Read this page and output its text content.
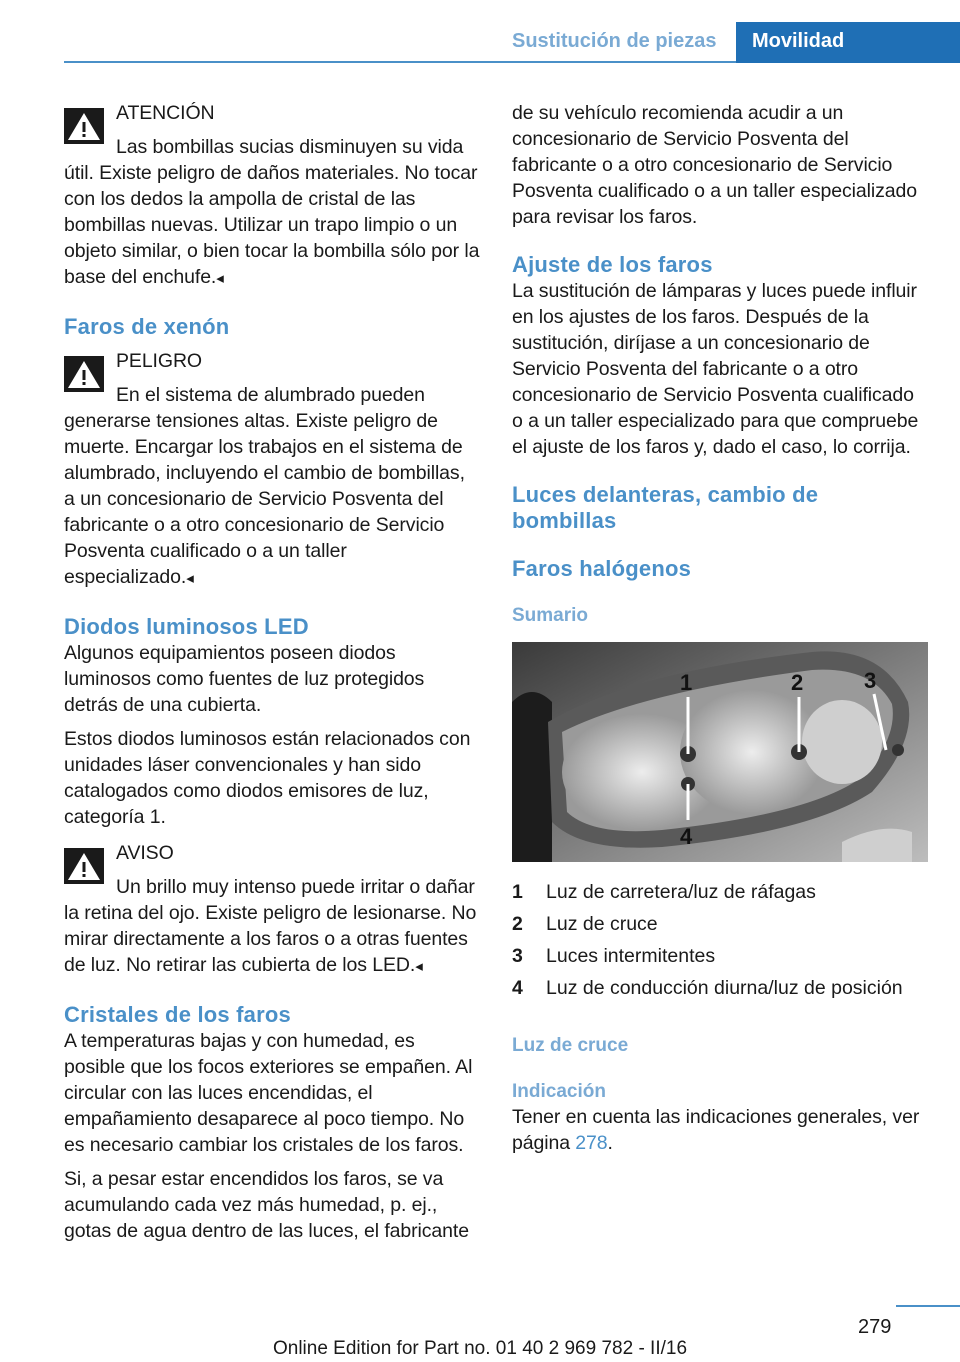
Sustitución de piezas	Movilidad

ATENCIÓN

Las bombillas sucias disminuyen su vida útil. Existe peligro de daños materiales. No tocar con los dedos la ampolla de cristal de las bombillas nuevas. Utilizar un trapo limpio o un objeto similar, o bien tocar la bombilla sólo por la base del enchufe.◂

Faros de xenón

PELIGRO

En el sistema de alumbrado pueden generarse tensiones altas. Existe peligro de muerte. Encargar los trabajos en el sistema de alumbrado, incluyendo el cambio de bombillas, a un concesionario de Servicio Posventa del fabricante o a otro concesionario de Servicio Posventa cualificado o a un taller especializado.◂

Diodos luminosos LED

Algunos equipamientos poseen diodos luminosos como fuentes de luz protegidos detrás de una cubierta.

Estos diodos luminosos están relacionados con unidades láser convencionales y han sido catalogados como diodos emisores de luz, categoría 1.

AVISO

Un brillo muy intenso puede irritar o dañar la retina del ojo. Existe peligro de lesionarse. No mirar directamente a los faros o a otras fuentes de luz. No retirar las cubierta de los LED.◂

Cristales de los faros

A temperaturas bajas y con humedad, es posible que los focos exteriores se empañen. Al circular con las luces encendidas, el empañamiento desaparece al poco tiempo. No es necesario cambiar los cristales de los faros.

Si, a pesar estar encendidos los faros, se va acumulando cada vez más humedad, p. ej., gotas de agua dentro de las luces, el fabricante

de su vehículo recomienda acudir a un concesionario de Servicio Posventa del fabricante o a otro concesionario de Servicio Posventa cualificado o a un taller especializado para revisar los faros.

Ajuste de los faros

La sustitución de lámparas y luces puede influir en los ajustes de los faros. Después de la sustitución, diríjase a un concesionario de Servicio Posventa del fabricante o a otro concesionario de Servicio Posventa cualificado o a un taller especializado para que compruebe el ajuste de los faros y, dado el caso, lo corrija.

Luces delanteras, cambio de bombillas
Faros halógenos
Sumario
1	2	3
4
1	Luz de carretera/luz de ráfagas
2	Luz de cruce
3	Luces intermitentes
4	Luz de conducción diurna/luz de posición
Luz de cruce
Indicación

Tener en cuenta las indicaciones generales, ver página 278.

279
Online Edition for Part no. 01 40 2 969 782 - II/16
